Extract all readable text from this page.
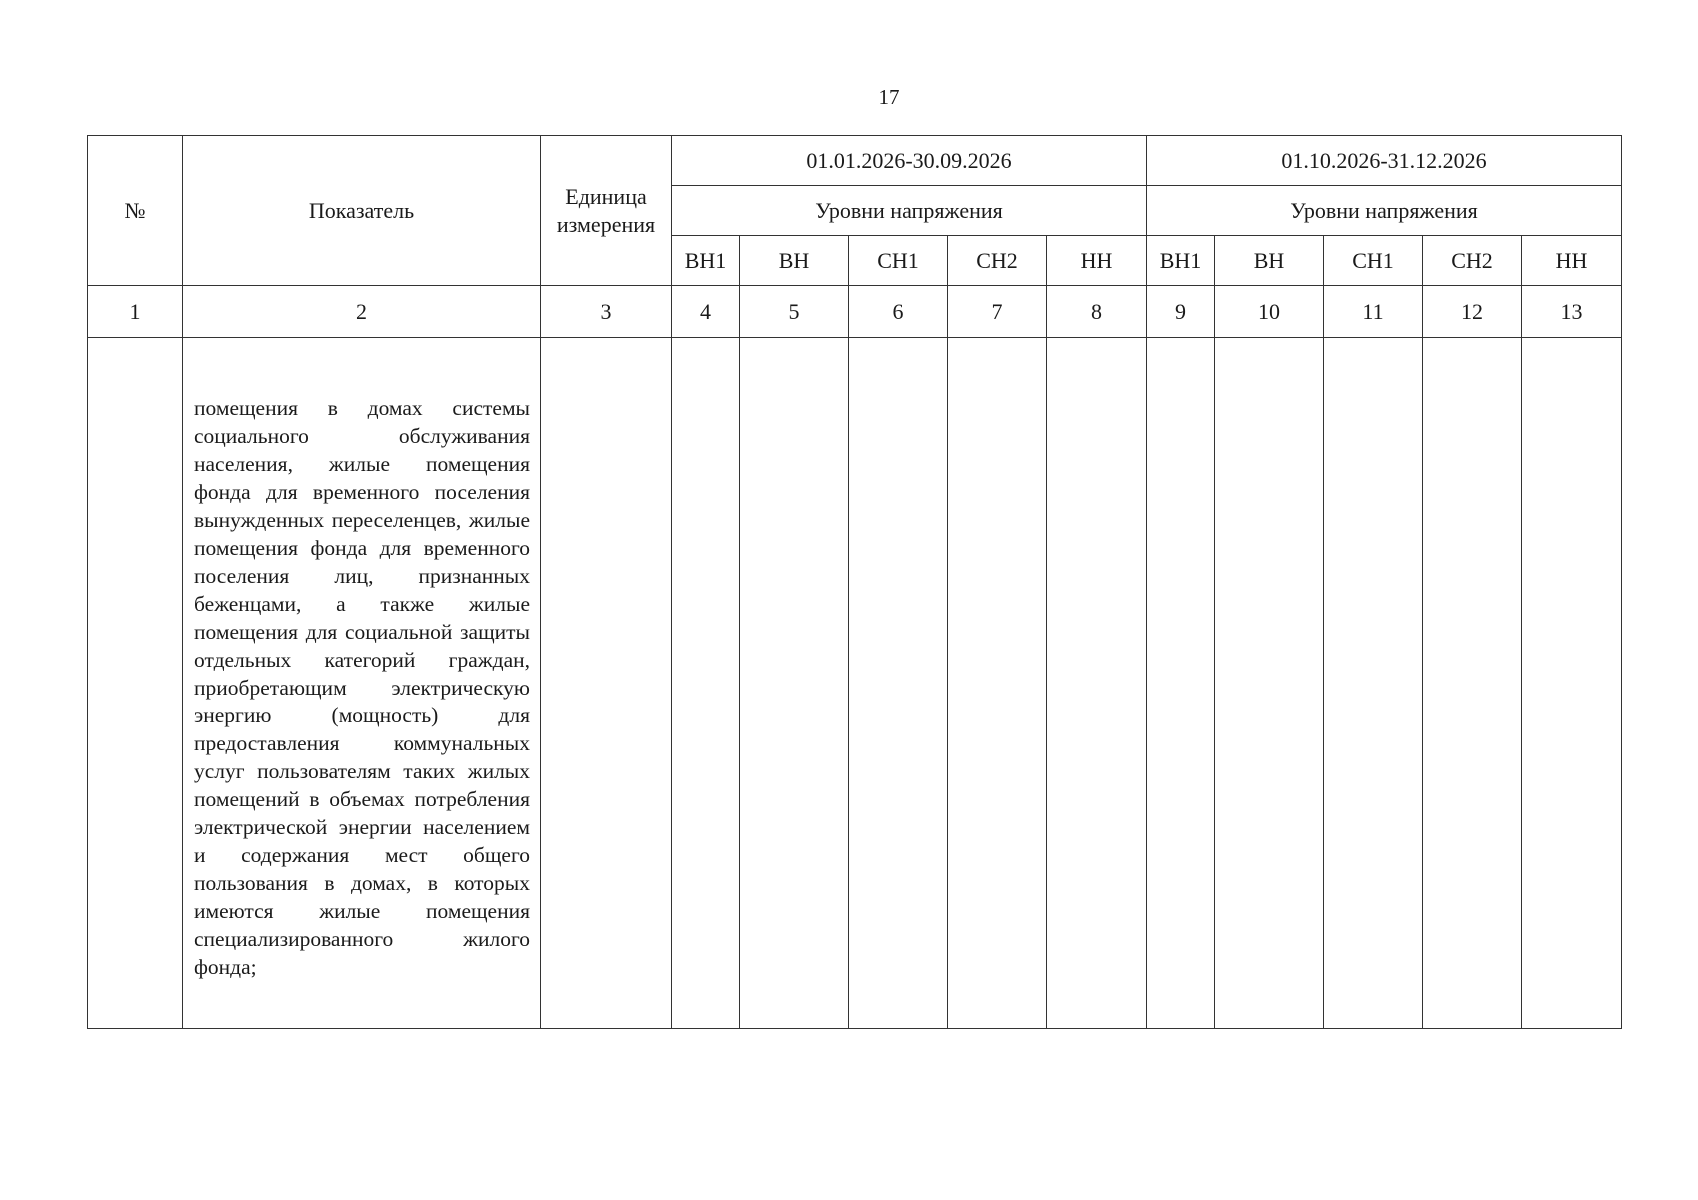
17
№	Показатель	Единица измерения	01.01.2026-30.09.2026					01.10.2026-31.12.2026				
			Уровни напряжения					Уровни напряжения				
			ВН1	ВН	СН1	СН2	НН	ВН1	ВН	СН1	СН2	НН
1	2	3	4	5	6	7	8	9	10	11	12	13

	помещения в домах системы социального обслуживания населения, жилые помещения фонда для временного поселения вынужденных переселенцев, жилые помещения фонда для временного поселения лиц, признанных беженцами, а также жилые помещения для социальной защиты отдельных категорий граждан, приобретающим электрическую энергию (мощность) для предоставления коммунальных услуг пользователям таких жилых помещений в объемах потребления электрической энергии населением и содержания мест общего пользования в домах, в которых имеются жилые помещения специализированного жилого фонда;											
